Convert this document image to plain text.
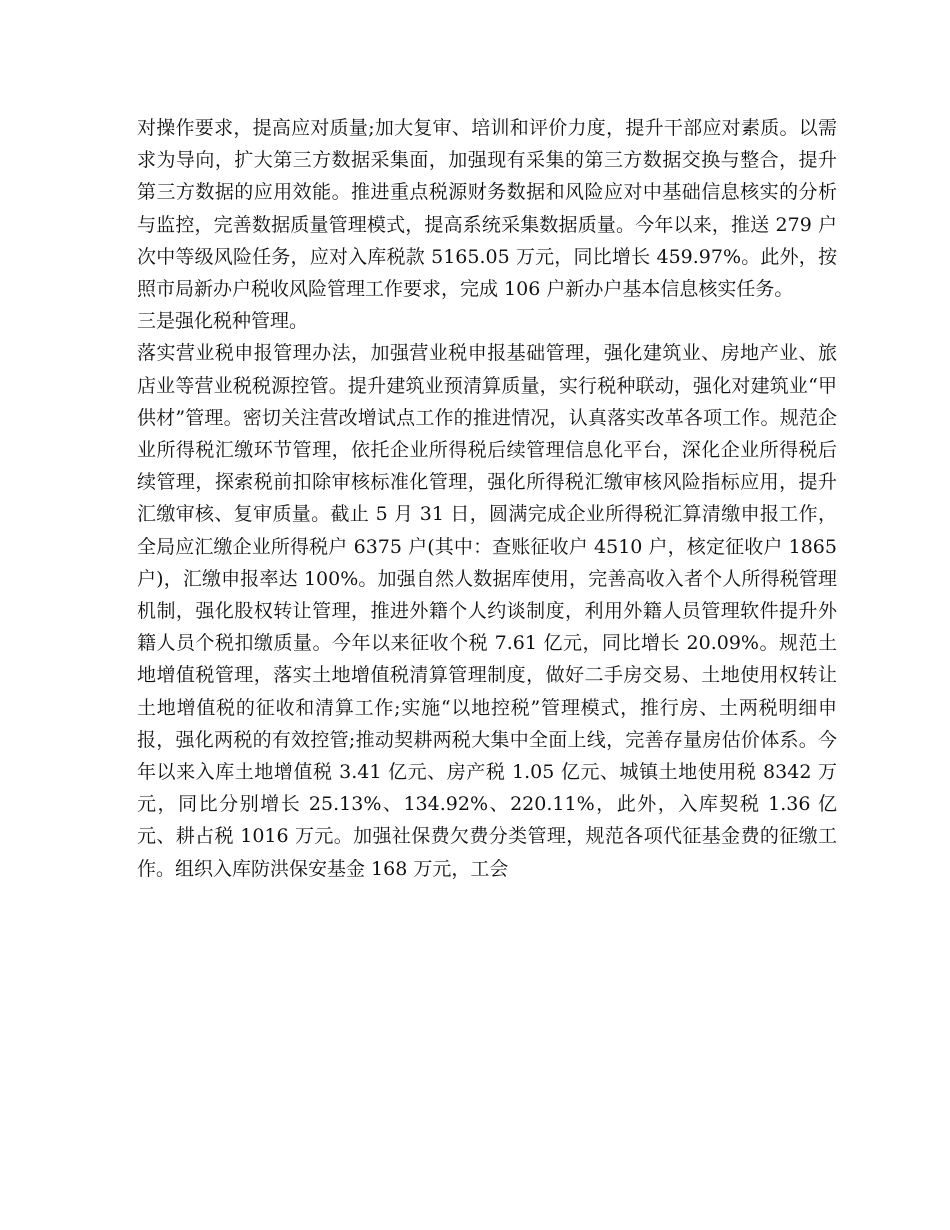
对操作要求，提高应对质量;加大复审、培训和评价力度，提升干部应对素质。以需求为导向，扩大第三方数据采集面，加强现有采集的第三方数据交换与整合，提升第三方数据的应用效能。推进重点税源财务数据和风险应对中基础信息核实的分析与监控，完善数据质量管理模式，提高系统采集数据质量。今年以来，推送 279 户次中等级风险任务，应对入库税款 5165.05 万元，同比增长 459.97%。此外，按照市局新办户税收风险管理工作要求，完成 106 户新办户基本信息核实任务。

三是强化税种管理。

落实营业税申报管理办法，加强营业税申报基础管理，强化建筑业、房地产业、旅店业等营业税税源控管。提升建筑业预清算质量，实行税种联动，强化对建筑业“甲供材”管理。密切关注营改增试点工作的推进情况，认真落实改革各项工作。规范企业所得税汇缴环节管理，依托企业所得税后续管理信息化平台，深化企业所得税后续管理，探索税前扣除审核标准化管理，强化所得税汇缴审核风险指标应用，提升汇缴审核、复审质量。截止 5 月 31 日，圆满完成企业所得税汇算清缴申报工作，全局应汇缴企业所得税户 6375 户(其中：查账征收户 4510 户，核定征收户 1865 户)，汇缴申报率达 100%。加强自然人数据库使用，完善高收入者个人所得税管理机制，强化股权转让管理，推进外籍个人约谈制度，利用外籍人员管理软件提升外籍人员个税扣缴质量。今年以来征收个税 7.61 亿元，同比增长 20.09%。规范土地增值税管理，落实土地增值税清算管理制度，做好二手房交易、土地使用权转让土地增值税的征收和清算工作;实施“以地控税”管理模式，推行房、土两税明细申报，强化两税的有效控管;推动契耕两税大集中全面上线，完善存量房估价体系。今年以来入库土地增值税 3.41 亿元、房产税 1.05 亿元、城镇土地使用税 8342 万元，同比分别增长 25.13%、134.92%、220.11%，此外，入库契税 1.36 亿元、耕占税 1016 万元。加强社保费欠费分类管理，规范各项代征基金费的征缴工作。组织入库防洪保安基金 168 万元，工会
